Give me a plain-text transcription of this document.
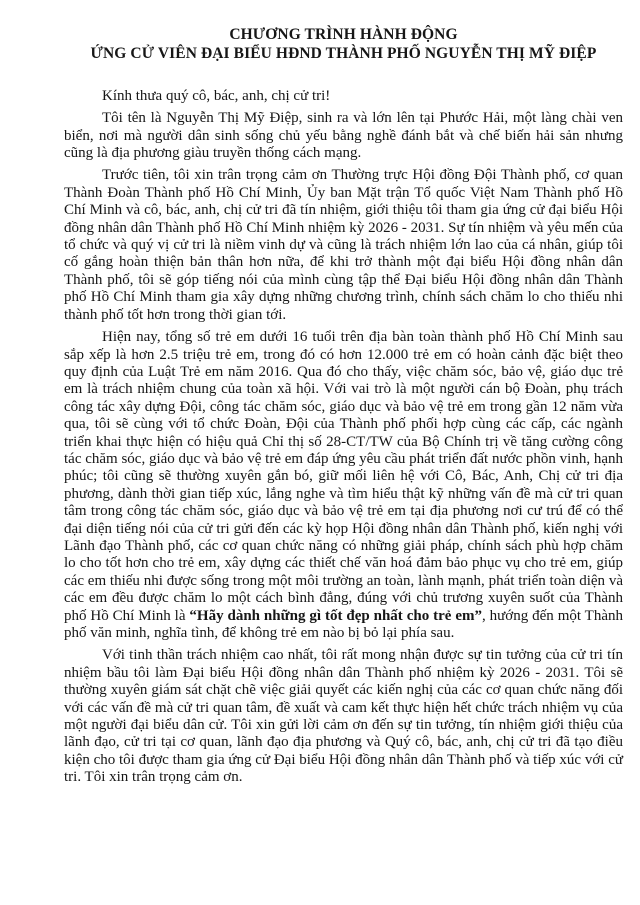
CHƯƠNG TRÌNH HÀNH ĐỘNG
ỨNG CỬ VIÊN ĐẠI BIỂU HĐND THÀNH PHỐ NGUYỄN THỊ MỸ ĐIỆP

Kính thưa quý cô, bác, anh, chị cử tri!

Tôi tên là Nguyễn Thị Mỹ Điệp, sinh ra và lớn lên tại Phước Hải, một làng chài ven biển, nơi mà người dân sinh sống chủ yếu bằng nghề đánh bắt và chế biến hải sản nhưng cũng là địa phương giàu truyền thống cách mạng.

Trước tiên, tôi xin trân trọng cảm ơn Thường trực Hội đồng Đội Thành phố, cơ quan Thành Đoàn Thành phố Hồ Chí Minh, Ủy ban Mặt trận Tổ quốc Việt Nam Thành phố Hồ Chí Minh và cô, bác, anh, chị cử tri đã tín nhiệm, giới thiệu tôi tham gia ứng cử đại biểu Hội đồng nhân dân Thành phố Hồ Chí Minh nhiệm kỳ 2026 - 2031. Sự tín nhiệm và yêu mến của tổ chức và quý vị cử tri là niềm vinh dự và cũng là trách nhiệm lớn lao của cá nhân, giúp tôi cố gắng hoàn thiện bản thân hơn nữa, để khi trở thành một đại biểu Hội đồng nhân dân Thành phố, tôi sẽ góp tiếng nói của mình cùng tập thể Đại biểu Hội đồng nhân dân Thành phố Hồ Chí Minh tham gia xây dựng những chương trình, chính sách chăm lo cho thiếu nhi thành phố tốt hơn trong thời gian tới.

Hiện nay, tổng số trẻ em dưới 16 tuổi trên địa bàn toàn thành phố Hồ Chí Minh sau sắp xếp là hơn 2.5 triệu trẻ em, trong đó có hơn 12.000 trẻ em có hoàn cảnh đặc biệt theo quy định của Luật Trẻ em năm 2016. Qua đó cho thấy, việc chăm sóc, bảo vệ, giáo dục trẻ em là trách nhiệm chung của toàn xã hội. Với vai trò là một người cán bộ Đoàn, phụ trách công tác xây dựng Đội, công tác chăm sóc, giáo dục và bảo vệ trẻ em trong gần 12 năm vừa qua, tôi sẽ cùng với tổ chức Đoàn, Đội của Thành phố phối hợp cùng các cấp, các ngành triển khai thực hiện có hiệu quả Chỉ thị số 28-CT/TW của Bộ Chính trị về tăng cường công tác chăm sóc, giáo dục và bảo vệ trẻ em đáp ứng yêu cầu phát triển đất nước phồn vinh, hạnh phúc; tôi cũng sẽ thường xuyên gắn bó, giữ mối liên hệ với Cô, Bác, Anh, Chị cử tri địa phương, dành thời gian tiếp xúc, lắng nghe và tìm hiểu thật kỹ những vấn đề mà cử tri quan tâm trong công tác chăm sóc, giáo dục và bảo vệ trẻ em tại địa phương nơi cư trú để có thể đại diện tiếng nói của cử tri gửi đến các kỳ họp Hội đồng nhân dân Thành phố, kiến nghị với Lãnh đạo Thành phố, các cơ quan chức năng có những giải pháp, chính sách phù hợp chăm lo cho tốt hơn cho trẻ em, xây dựng các thiết chế văn hoá đảm bảo phục vụ cho trẻ em, giúp các em thiếu nhi được sống trong một môi trường an toàn, lành mạnh, phát triển toàn diện và các em đều được chăm lo một cách bình đẳng, đúng với chủ trương xuyên suốt của Thành phố Hồ Chí Minh là “Hãy dành những gì tốt đẹp nhất cho trẻ em”, hướng đến một Thành phố văn minh, nghĩa tình, để không trẻ em nào bị bỏ lại phía sau.

Với tinh thần trách nhiệm cao nhất, tôi rất mong nhận được sự tin tưởng của cử tri tín nhiệm bầu tôi làm Đại biểu Hội đồng nhân dân Thành phố nhiệm kỳ 2026 - 2031. Tôi sẽ thường xuyên giám sát chặt chẽ việc giải quyết các kiến nghị của các cơ quan chức năng đối với các vấn đề mà cử tri quan tâm, đề xuất và cam kết thực hiện hết chức trách nhiệm vụ của một người đại biểu dân cử. Tôi xin gửi lời cảm ơn đến sự tin tưởng, tín nhiệm giới thiệu của lãnh đạo, cử tri tại cơ quan, lãnh đạo địa phương và Quý cô, bác, anh, chị cử tri đã tạo điều kiện cho tôi được tham gia ứng cử Đại biểu Hội đồng nhân dân Thành phố và tiếp xúc với cử tri. Tôi xin trân trọng cảm ơn.
